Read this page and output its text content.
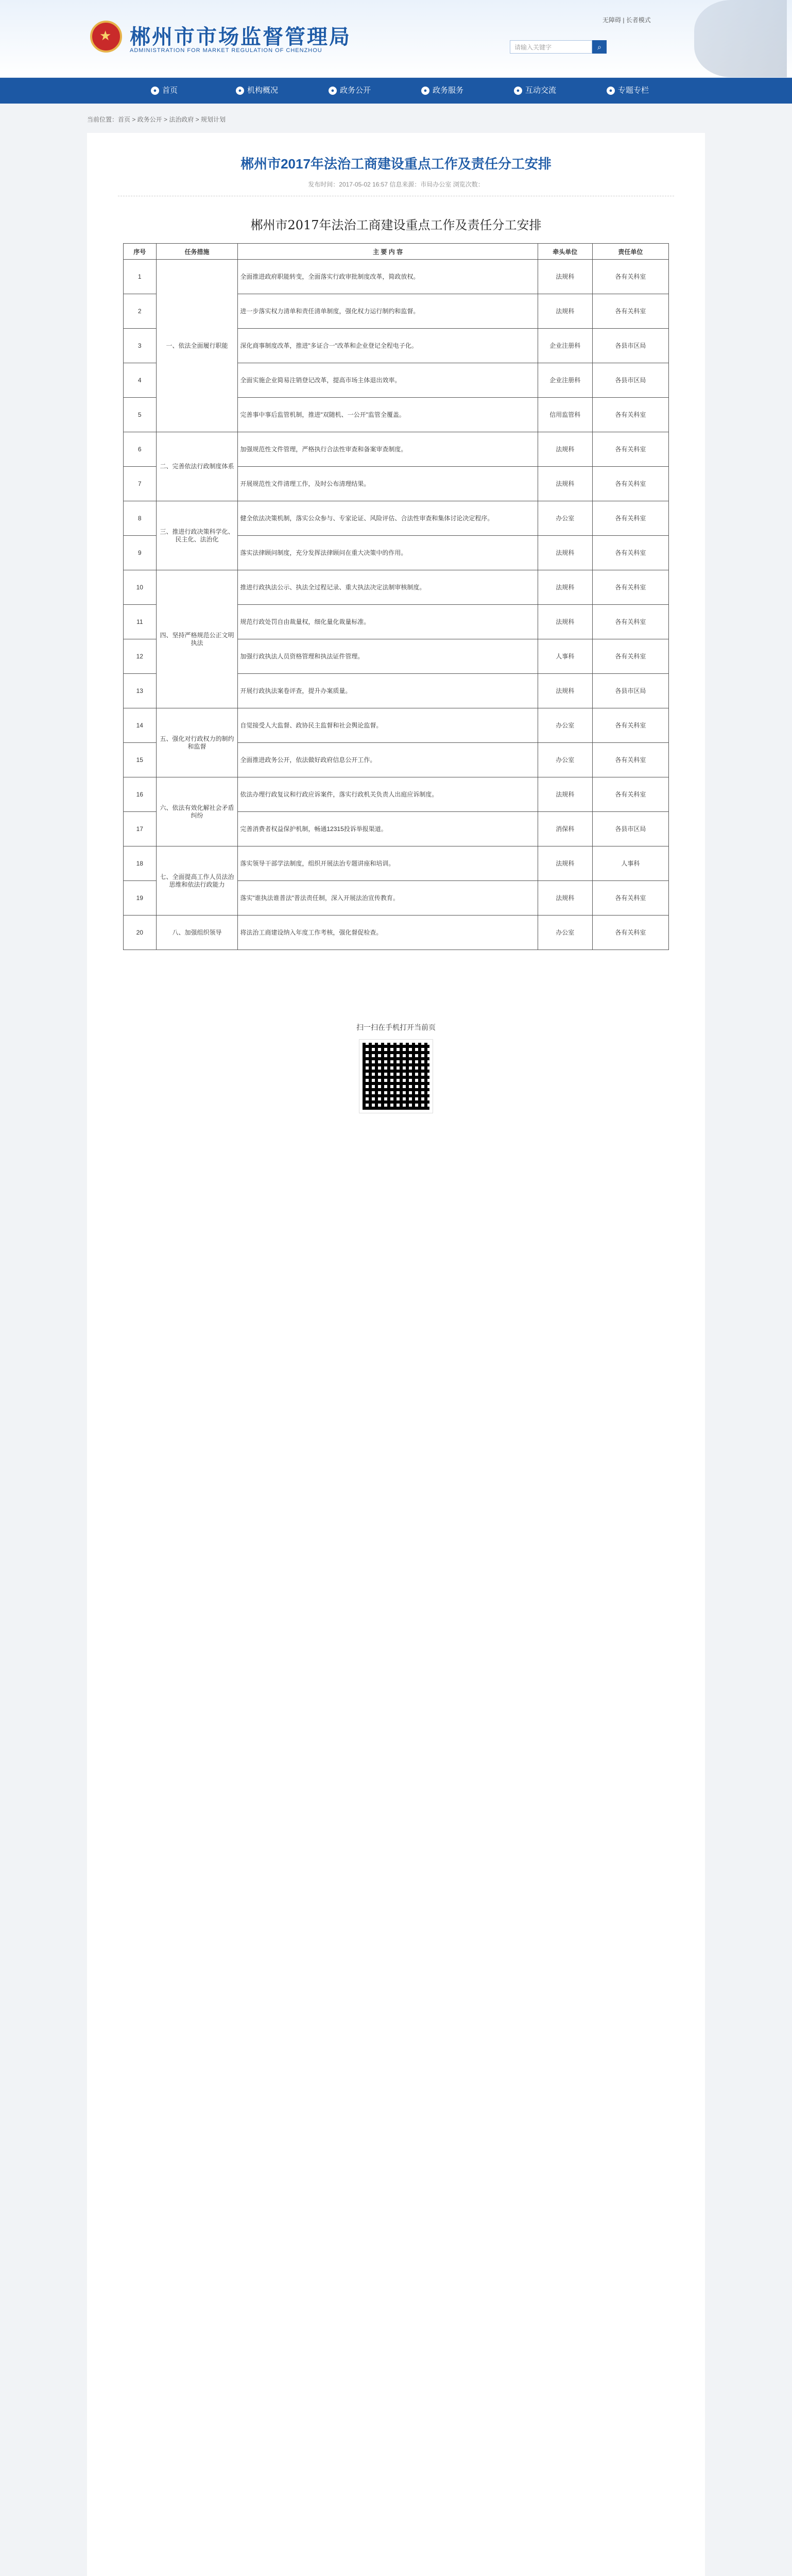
★ 郴州市市场监督管理局
ADMINISTRATION FOR MARKET REGULATION OF CHENZHOU
无障碍 | 长者模式
请输入关键字	⌕
● 首页	● 机构概况	● 政务公开	● 政务服务	● 互动交流	● 专题专栏
当前位置：首页 > 政务公开 > 法治政府 > 规划计划
郴州市2017年法治工商建设重点工作及责任分工安排
发布时间：2017-05-02 16:57 信息来源：市局办公室 浏览次数：
郴州市2017年法治工商建设重点工作及责任分工安排
序号	任务措施	主 要 内 容	牵头单位	责任单位
1	一、依法全面履行职能	全面推进政府职能转变，全面落实行政审批制度改革，简政放权。	法规科	各有关科室
2		进一步落实权力清单和责任清单制度，强化权力运行制约和监督。	法规科	各有关科室
3		深化商事制度改革，推进"多证合一"改革和企业登记全程电子化。	企业注册科	各县市区局
4		全面实施企业简易注销登记改革，提高市场主体退出效率。	企业注册科	各县市区局
5		完善事中事后监管机制，推进"双随机、一公开"监管全覆盖。	信用监管科	各有关科室
6	二、完善依法行政制度体系	加强规范性文件管理，严格执行合法性审查和备案审查制度。	法规科	各有关科室
7		开展规范性文件清理工作，及时公布清理结果。	法规科	各有关科室
8	三、推进行政决策科学化、民主化、法治化	健全依法决策机制，落实公众参与、专家论证、风险评估、合法性审查和集体讨论决定程序。	办公室	各有关科室
9		落实法律顾问制度，充分发挥法律顾问在重大决策中的作用。	法规科	各有关科室
10	四、坚持严格规范公正文明执法	推进行政执法公示、执法全过程记录、重大执法决定法制审核制度。	法规科	各有关科室
11		规范行政处罚自由裁量权，细化量化裁量标准。	法规科	各有关科室
12		加强行政执法人员资格管理和执法证件管理。	人事科	各有关科室
13		开展行政执法案卷评查，提升办案质量。	法规科	各县市区局
14	五、强化对行政权力的制约和监督	自觉接受人大监督、政协民主监督和社会舆论监督。	办公室	各有关科室
15		全面推进政务公开，依法做好政府信息公开工作。	办公室	各有关科室
16	六、依法有效化解社会矛盾纠纷	依法办理行政复议和行政应诉案件，落实行政机关负责人出庭应诉制度。	法规科	各有关科室
17		完善消费者权益保护机制，畅通12315投诉举报渠道。	消保科	各县市区局
18	七、全面提高工作人员法治思维和依法行政能力	落实领导干部学法制度，组织开展法治专题讲座和培训。	法规科	人事科
19		落实"谁执法谁普法"普法责任制，深入开展法治宣传教育。	法规科	各有关科室
20	八、加强组织领导	将法治工商建设纳入年度工作考核，强化督促检查。	办公室	各有关科室
扫一扫在手机打开当前页
